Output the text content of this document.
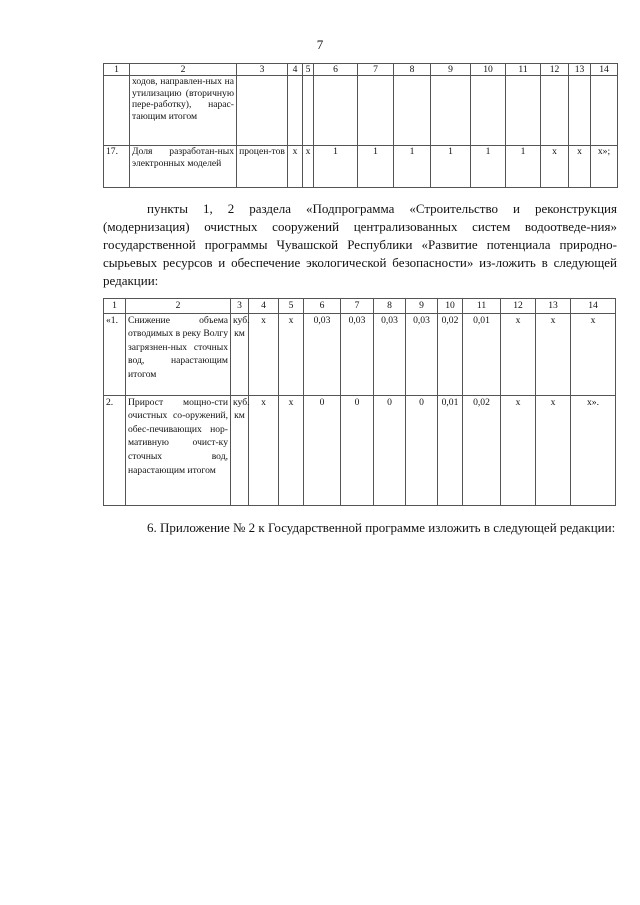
7
1	2	3	4	5	6	7	8	9	10	11	12	13	14
	ходов, направлен-ных на утилизацию (вторичную пере-работку), нарас-тающим итогом												
17.	Доля разработан-ных электронных моделей	процен-тов	x	x	1	1	1	1	1	1	x	x	x»;
пункты 1, 2 раздела «Подпрограмма «Строительство и реконструкция (модернизация) очистных сооружений централизованных систем водоотведе-ния» государственной программы Чувашской Республики «Развитие потенциала природно-сырьевых ресурсов и обеспечение экологической безопасности» из-ложить в следующей редакции:
1	2	3	4	5	6	7	8	9	10	11	12	13	14
«1.	Снижение объема отводимых в реку Волгу загрязнен-ных сточных вод, нарастающим итогом	куб. км	x	x	0,03	0,03	0,03	0,03	0,02	0,01	x	x	x
2.	Прирост мощно-сти очистных со-оружений, обес-печивающих нор-мативную очист-ку сточных вод, нарастающим итогом	куб. км	x	x	0	0	0	0	0,01	0,02	x	x	x».
6. Приложение № 2 к Государственной программе изложить в следующей редакции:
